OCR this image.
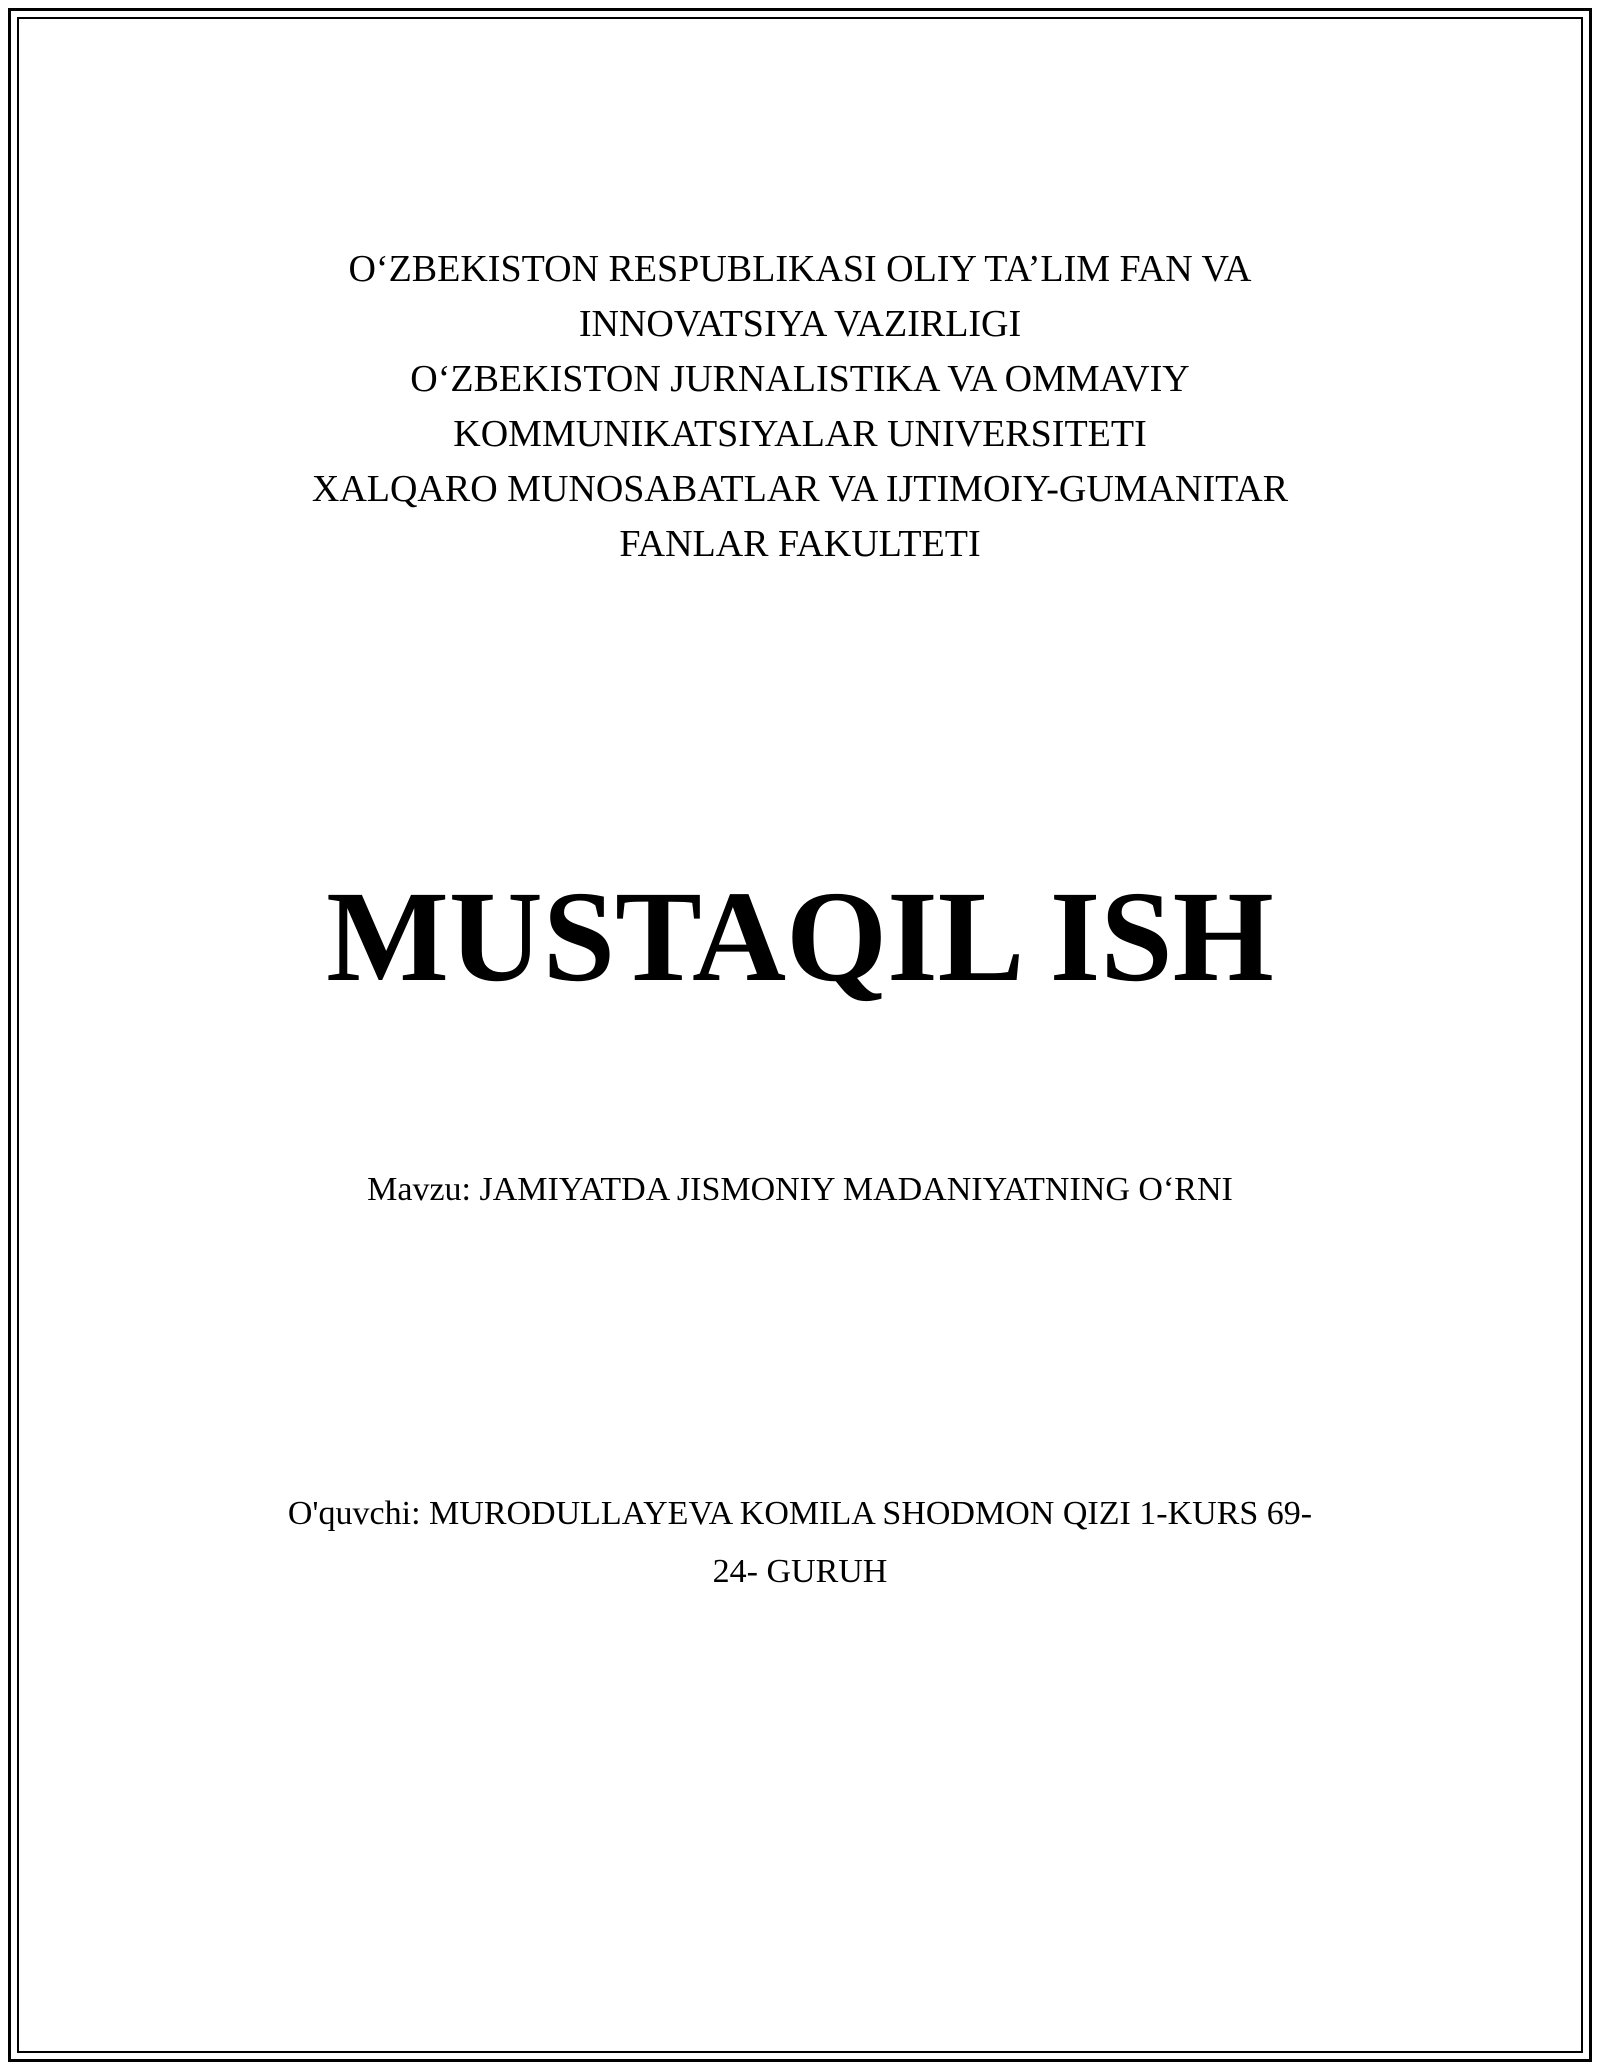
O‘ZBEKISTON RESPUBLIKASI OLIY TA’LIM FAN VA
INNOVATSIYA VAZIRLIGI
O‘ZBEKISTON JURNALISTIKA VA OMMAVIY
KOMMUNIKATSIYALAR UNIVERSITETI
XALQARO MUNOSABATLAR VA IJTIMOIY-GUMANITAR
FANLAR FAKULTETI
MUSTAQIL ISH
Mavzu: JAMIYATDA JISMONIY MADANIYATNING O‘RNI
O'quvchi: MURODULLAYEVA KOMILA SHODMON QIZI 1-KURS 69-
24- GURUH
